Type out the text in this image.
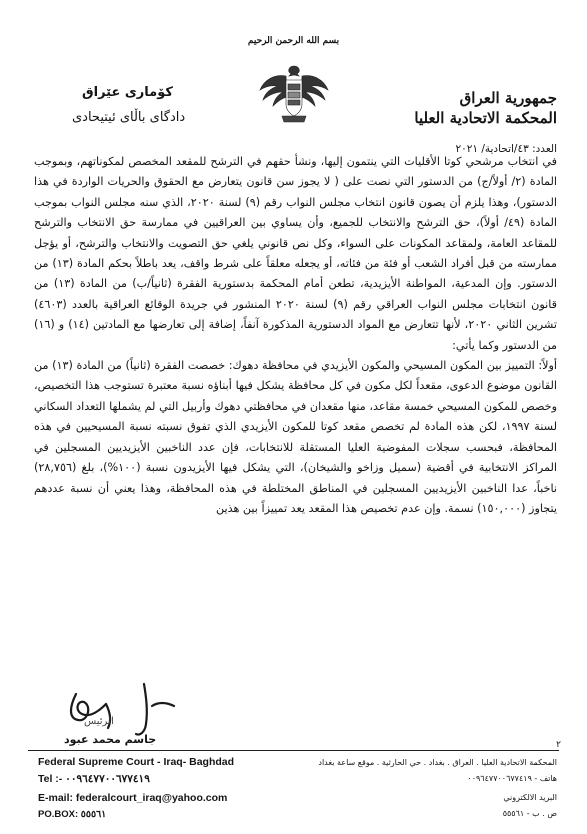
بسم الله الرحمن الرحيم
جمهورية العراق
المحكمة الاتحادية العليا
كۆماری عێراق
دادگای باڵای ئیتیحادی
العدد: ٤٣/اتحادية/ ٢٠٢١
في انتخاب مرشحي كوتا الأقليات التي ينتمون إليها، ونشأ حقهم في الترشح للمقعد المخصص لمكوناتهم، وبموجب المادة (٢/ أولاً/ج) من الدستور التي نصت على ( لا يجوز سن قانون يتعارض مع الحقوق والحريات الواردة في هذا الدستور)، وهذا يلزم أن يصون قانون انتخاب مجلس النواب رقم (٩) لسنة ٢٠٢٠، الذي سنه مجلس النواب بموجب المادة (٤٩/ أولاً)، حق الترشح والانتخاب للجميع، وأن يساوي بين العراقيين في ممارسة حق الانتخاب والترشح للمقاعد العامة، ولمقاعد المكونات على السواء، وكل نص قانوني يلغي حق التصويت والانتخاب والترشح، أو يؤجل ممارسته من قبل أفراد الشعب أو فئة من فئاته، أو يجعله معلقاً على شرط واقف، يعد باطلاً بحكم المادة (١٣) من الدستور. وإن المدعية، المواطنة الأيزيدية، تطعن أمام المحكمة بدستورية الفقرة (ثانياً/ب) من المادة (١٣) من قانون انتخابات مجلس النواب العراقي رقم (٩) لسنة ٢٠٢٠ المنشور في جريدة الوقائع العراقية بالعدد (٤٦٠٣) تشرين الثاني ٢٠٢٠، لأنها تتعارض مع المواد الدستورية المذكورة آنفاً، إضافة إلى تعارضها مع المادتين (١٤) و (١٦) من الدستور وكما يأتي:
أولاً: التمييز بين المكون المسيحي والمكون الأيزيدي في محافظة دهوك: خصصت الفقرة (ثانياً) من المادة (١٣) من القانون موضوع الدعوى، مقعداً لكل مكون في كل محافظة يشكل فيها أبناؤه نسبة معتبرة تستوجب هذا التخصيص، وخصص للمكون المسيحي خمسة مقاعد، منها مقعدان في محافظتي دهوك وأربيل التي لم يشملها التعداد السكاني لسنة ١٩٩٧، لكن هذه المادة لم تخصص مقعد كوتا للمكون الأيزيدي الذي تفوق نسبته نسبة المسيحيين في هذه المحافظة، فبحسب سجلات المفوضية العليا المستقلة للانتخابات، فإن عدد الناخبين الأيزيديين المسجلين في المراكز الانتخابية في أقضية (سميل وزاخو والشيخان)، التي يشكل فيها الأيزيدون نسبة (١٠٠%)، بلغ (٢٨,٧٥٦) ناخباً، عدا الناخبين الأيزيديين المسجلين في المناطق المختلطة في هذه المحافظة، وهذا يعني أن نسبة عددهم يتجاوز (١٥٠,٠٠٠) نسمة. وإن عدم تخصيص هذا المقعد يعد تمييزاً بين هذين
الرئيس
جاسم محمد عبود	٢
Federal Supreme Court - Iraq- Baghdad
Tel :- ٠٠٩٦٤٧٧٠٠٦٧٧٤١٩
E-mail: federalcourt_iraq@yahoo.com
PO.BOX: ٥٥٥٦١
المحكمة الاتحادية العليا . العراق . بغداد . حي الحارثية . موقع ساعة بغداد
هاتف - ٠٠٩٦٤٧٧٠٠٦٧٧٤١٩
البريد الالكتروني
ص . ب - ٥٥٥٦١
